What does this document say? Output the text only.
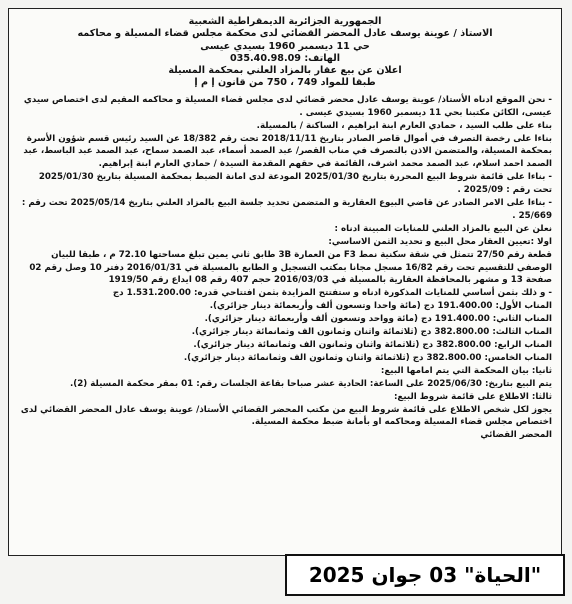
الجمهورية الجزائرية الديمقراطية الشعبية
الاستاذ / عوينة يوسف عادل المحضر القضائي لدى محكمة مجلس قضاء المسيلة و محاكمه
حي 11 ديسمبر 1960 بسيدي عيسى
الهاتف: 035.40.98.09
اعلان عن بيع عقار بالمزاد العلني بمحكمة المسيلة
طبقا للمواد 749 ، 750 من قانون إ م إ

- نحن الموقع ادناه الأستاذ/ عوينة يوسف عادل محضر قضائي لدى مجلس قضاء المسيلة و محاكمه المقيم لدى اختصاص سيدي عيسى، الكائن مكتبنا بحي 11 ديسمبر 1960 بسيدي عيسى .

بناء على طلب السيد ، حمادي العارم ابنة ابراهيم ، الساكنة / بالمسيلة.

بناءا على رخصة التصرف في أموال قاصر الصادر بتاريخ 2018/11/11 تحت رقم 18/382 عن السيد رئيس قسم شؤون الأسرة بمحكمة المسيلة، والمتضمن الاذن بالتصرف في مناب القصر/ عبد الصمد أسماء، عبد الصمد سماح، عبد الصمد عبد الباسط، عبد الصمد احمد اسلام، عبد الصمد محمد اشرف، القائمة في حقهم المقدمة السيدة / حمادي العارم ابنة إبراهيم.

- بناءا على قائمة شروط البيع المحررة بتاريخ 2025/01/30 المودعة لدى امانة الضبط بمحكمة المسيلة بتاريخ 2025/01/30 تحت رقم : 2025/09 .

- بناءا على الامر الصادر عن قاضي البيوع العقارية و المتضمن تحديد جلسة البيع بالمزاد العلني بتاريخ 2025/05/14 تحت رقم : 25/669 .

نعلن عن البيع بالمزاد العلني للمنايات المبينة ادناه :

اولا :تعيين العقار محل البيع و تحديد الثمن الاساسي:

قطعة رقم 27/50 تتمثل في شقة سكنية نمط F3 من العمارة 3B طابق ثاني يمين تبلغ مساحتها 72.10 م ، طبقا للبيان الوصفي للتقسيم تحت رقم 16/82 مسجل مجانا بمكتب التسجيل و الطابع بالمسيلة في 2016/01/31 دفتر 10 وصل رقم 02 صفحة 13 و مشهر بالمحافظة العقارية بالمسيلة في 2016/03/03 حجم 407 رقم 08 ايداع رقم 1919/50

- و ذلك بثمن أساسي للمنايات المذكورة ادناه و ستفتتح المزايدة بثمن افتتاحي قدره: 1.531.200.00 دج

المناب الأول: 191.400.00 دج (مائة واحدا وتسعون ألف وأربعمائة دينار جزائري).

المناب الثاني: 191.400.00 دج (مائة وواحد وتسعون ألف وأربعمائة دينار جزائري).

المناب الثالث: 382.800.00 دج (ثلاثمائة واثنان وثمانون الف وثمانمائة دينار جزائري).

المناب الرابع: 382.800.00 دج (ثلاثمائة واثنان وثمانون الف وثمانمائة دينار جزائري).

المناب الخامس: 382.800.00 دج (ثلاثمائة واثنان وثمانون الف وثمانمائة دينار جزائري).

ثانيا: بيان المحكمة التي يتم امامها البيع:

يتم البيع بتاريخ: 2025/06/30 على الساعة: الحادية عشر صباحا بقاعة الجلسات رقم: 01 بمقر محكمة المسيلة (2).

ثالثا: الاطلاع على قائمة شروط البيع:

يجوز لكل شخص الاطلاع على قائمة شروط البيع من مكتب المحضر القضائي الأستاذ/ عوينة يوسف عادل المحضر القضائي لدى اختصاص مجلس قضاء المسيلة ومحاكمه او بأمانة ضبط محكمة المسيلة.

المحضر القضائي

"الحياة" 03 جوان 2025
